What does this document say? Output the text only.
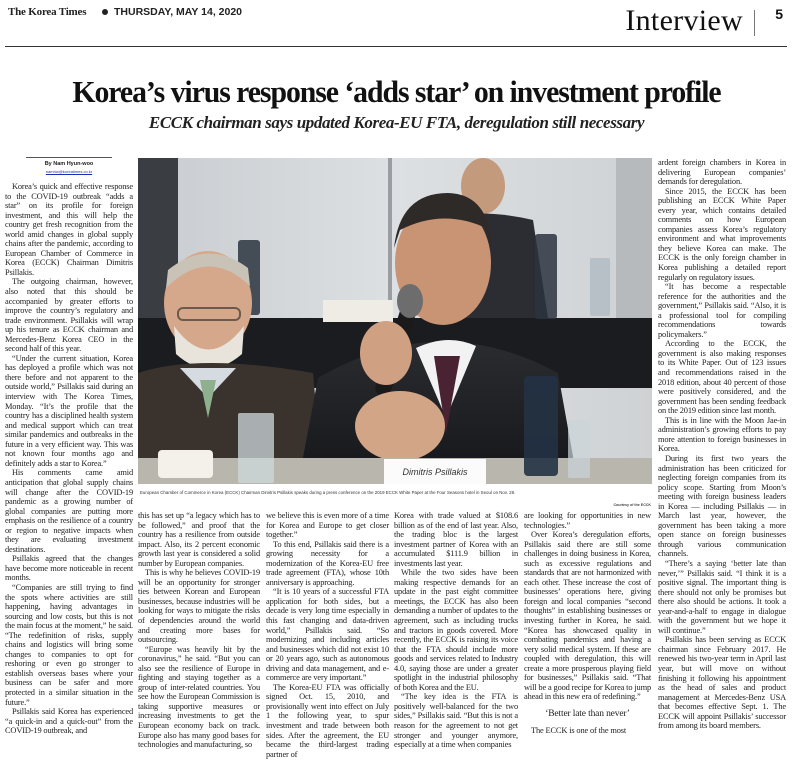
The Korea Times	THURSDAY, MAY 14, 2020	Interview 5
Korea’s virus response ‘adds star’ on investment profile
ECCK chairman says updated Korea-EU FTA, deregulation still necessary
By Nam Hyun-woo
namhw@koreatimes.co.kr

Korea’s quick and effective response to the COVID-19 outbreak “adds a star” on its profile for foreign investment, and this will help the country get fresh recognition from the world amid changes in global supply chains after the pandemic, according to European Chamber of Commerce in Korea (ECCK) Chairman Dimitris Psillakis.

The outgoing chairman, however, also noted that this should be accompanied by greater efforts to improve the country’s regulatory and trade environment. Psillakis will wrap up his tenure as ECCK chairman and Mercedes-Benz Korea CEO in the second half of this year.

“Under the current situation, Korea has deployed a profile which was not there before and not apparent to the outside world,” Psillakis said during an interview with The Korea Times, Monday. “It’s the profile that the country has a disciplined health system and medical support which can treat similar pandemics and outbreaks in the future in a very efficient way. This was not known four months ago and definitely adds a star to Korea.”

His comments came amid anticipation that global supply chains will change after the COVID-19 pandemic as a growing number of global companies are putting more emphasis on the resilience of a country or region to negative impacts when they are evaluating investment destinations.

Psillakis agreed that the changes have become more noticeable in recent months.

“Companies are still trying to find the spots where activities are still happening, having advantages in sourcing and low costs, but this is not the main focus at the moment,” he said. “The redefinition of risks, supply chains and logistics will bring some changes to companies to opt for reshoring or even go stronger to establish overseas bases where your business can be safer and more protected in a similar situation in the future.”

Psillakis said Korea has experienced “a quick-in and a quick-out” from the COVID-19 outbreak, and

Dimitris Psillakis
European Chamber of Commerce in Korea (ECCK) Chairman Dimitris Psillakis speaks during a press conference on the 2019 ECCK White Paper at the Four Seasons hotel in Seoul on Nov. 28.
Courtesy of the ECCK

this has set up “a legacy which has to be followed,” and proof that the country has a resilience from outside impact. Also, its 2 percent economic growth last year is considered a solid number by European companies.

This is why he believes COVID-19 will be an opportunity for stronger ties between Korean and European businesses, because industries will be looking for ways to mitigate the risks of dependencies around the world and creating more bases for outsourcing.

“Europe was heavily hit by the coronavirus,” he said. “But you can also see the resilience of Europe in fighting and staying together as a group of inter-related countries. You see how the European Commission is taking supportive measures or increasing investments to get the European economy back on track. Europe also has many good bases for technologies and manufacturing, so

we believe this is even more of a time for Korea and Europe to get closer together.”

To this end, Psillakis said there is a growing necessity for a modernization of the Korea-EU free trade agreement (FTA), whose 10th anniversary is approaching.

“It is 10 years of a successful FTA application for both sides, but a decade is very long time especially in this fast changing and data-driven world,” Psillakis said. “So modernizing and including articles and businesses which did not exist 10 or 20 years ago, such as autonomous driving and data management, and e-commerce are very important.”

The Korea-EU FTA was officially signed Oct. 15, 2010, and provisionally went into effect on July 1 the following year, to spur investment and trade between both sides. After the agreement, the EU became the third-largest trading partner of

Korea with trade valued at $108.6 billion as of the end of last year. Also, the trading bloc is the largest investment partner of Korea with an accumulated $111.9 billion in investments last year.

While the two sides have been making respective demands for an update in the past eight committee meetings, the ECCK has also been demanding a number of updates to the agreement, such as including trucks and tractors in goods covered. More recently, the ECCK is raising its voice that the FTA should include more goods and services related to Industry 4.0, saying those are under a greater spotlight in the industrial philosophy of both Korea and the EU.

“The key idea is the FTA is positively well-balanced for the two sides,” Psillakis said. “But this is not a reason for the agreement to not get stronger and younger anymore, especially at a time when companies

are looking for opportunities in new technologies.”

Over Korea’s deregulation efforts, Psillakis said there are still some challenges in doing business in Korea, such as excessive regulations and standards that are not harmonized with each other. These increase the cost of businesses’ operations here, giving foreign and local companies “second thoughts” in establishing businesses or investing further in Korea, he said. “Korea has showcased quality in combating pandemics and having a very solid medical system. If these are coupled with deregulation, this will create a more prosperous playing field for businesses,” Psillakis said. “That will be a good recipe for Korea to jump ahead in this new era of redefining.”

‘Better late than never’

The ECCK is one of the most

ardent foreign chambers in Korea in delivering European companies’ demands for deregulation.

Since 2015, the ECCK has been publishing an ECCK White Paper every year, which contains detailed comments on how European companies assess Korea’s regulatory environment and what improvements they believe Korea can make. The ECCK is the only foreign chamber in Korea publishing a detailed report regularly on regulatory issues.

“It has become a respectable reference for the authorities and the government,” Psillakis said. “Also, it is a professional tool for compiling recommendations towards policymakers.”

According to the ECCK, the government is also making responses to its White Paper. Out of 123 issues and recommendations raised in the 2018 edition, about 40 percent of those were positively considered, and the government has been sending feedback on the 2019 edition since last month.

This is in line with the Moon Jae-in administration’s growing efforts to pay more attention to foreign businesses in Korea.

During its first two years the administration has been criticized for neglecting foreign companies from its policy scope. Starting from Moon’s meeting with foreign business leaders in Korea — including Psillakis — in March last year, however, the government has been taking a more open stance on foreign businesses through various communication channels.

“There’s a saying ‘better late than never,’” Psillakis said. “I think it is a positive signal. The important thing is there should not only be promises but there also should be actions. It took a year-and-a-half to engage in dialogue with the government but we hope it will continue.”

Psillakis has been serving as ECCK chairman since February 2017. He renewed his two-year term in April last year, but will move on without finishing it following his appointment as the head of sales and product management at Mercedes-Benz USA that becomes effective Sept. 1. The ECCK will appoint Psillakis’ successor from among its board members.
